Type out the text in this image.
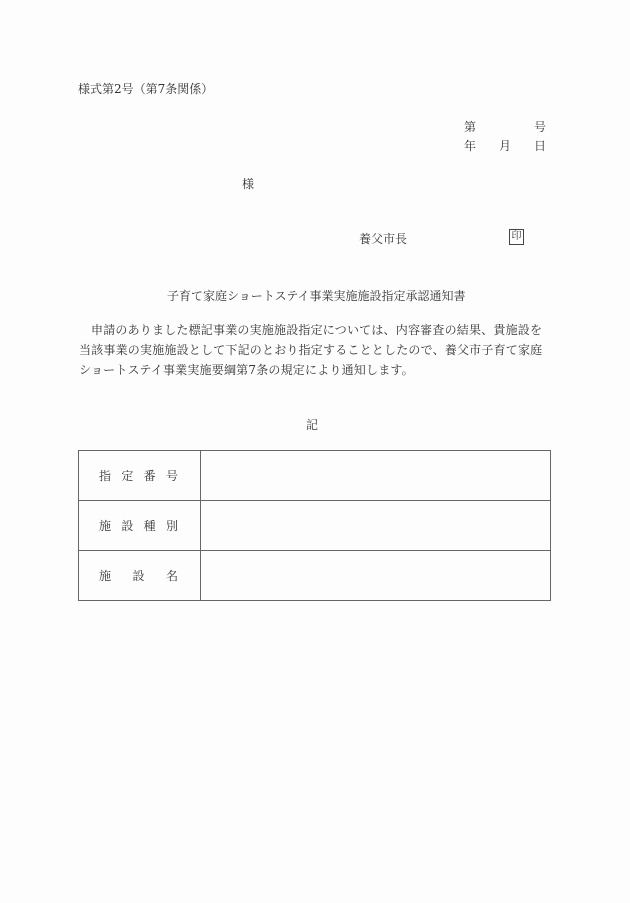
様式第2号（第7条関係）
第	号
年 月 日
様
養父市長	印
子育て家庭ショートステイ事業実施施設指定承認通知書
申請のありました標記事業の実施施設指定については、内容審査の結果、貴施設を当該事業の実施施設として下記のとおり指定することとしたので、養父市子育て家庭ショートステイ事業実施要綱第7条の規定により通知します。
記
指 定 番 号	

施 設 種 別	

施 設 名	
